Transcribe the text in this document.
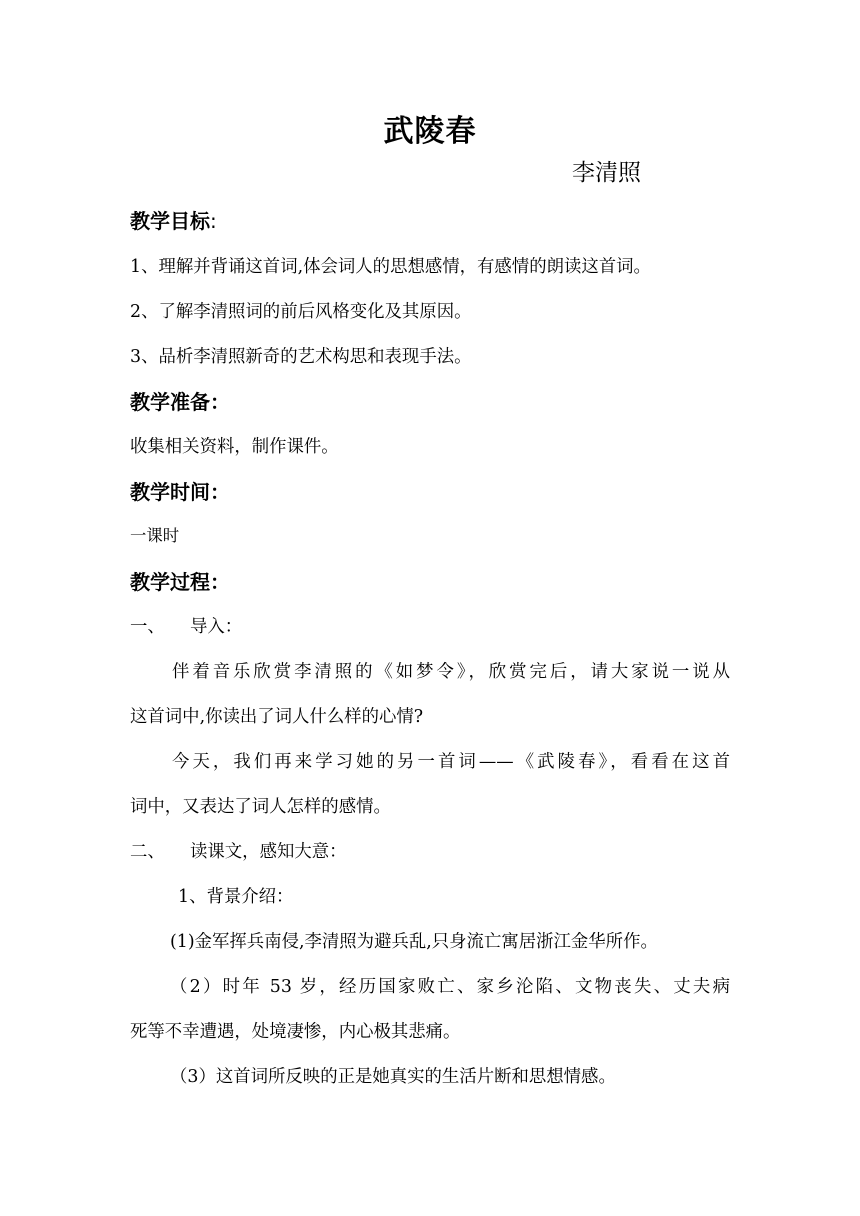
武陵春
李清照
教学目标:
1、理解并背诵这首词,体会词人的思想感情，有感情的朗读这首词。
2、了解李清照词的前后风格变化及其原因。
3、品析李清照新奇的艺术构思和表现手法。
教学准备：
收集相关资料，制作课件。
教学时间：
一课时
教学过程：
一、 导入：
伴着音乐欣赏李清照的《如梦令》，欣赏完后，请大家说一说从
这首词中,你读出了词人什么样的心情?
今天，我们再来学习她的另一首词——《武陵春》，看看在这首
词中，又表达了词人怎样的感情。
二、 读课文，感知大意：
1、背景介绍：
(1)金军挥兵南侵,李清照为避兵乱,只身流亡寓居浙江金华所作。
（2）时年 53 岁，经历国家败亡、家乡沦陷、文物丧失、丈夫病
死等不幸遭遇，处境凄惨，内心极其悲痛。
（3）这首词所反映的正是她真实的生活片断和思想情感。
